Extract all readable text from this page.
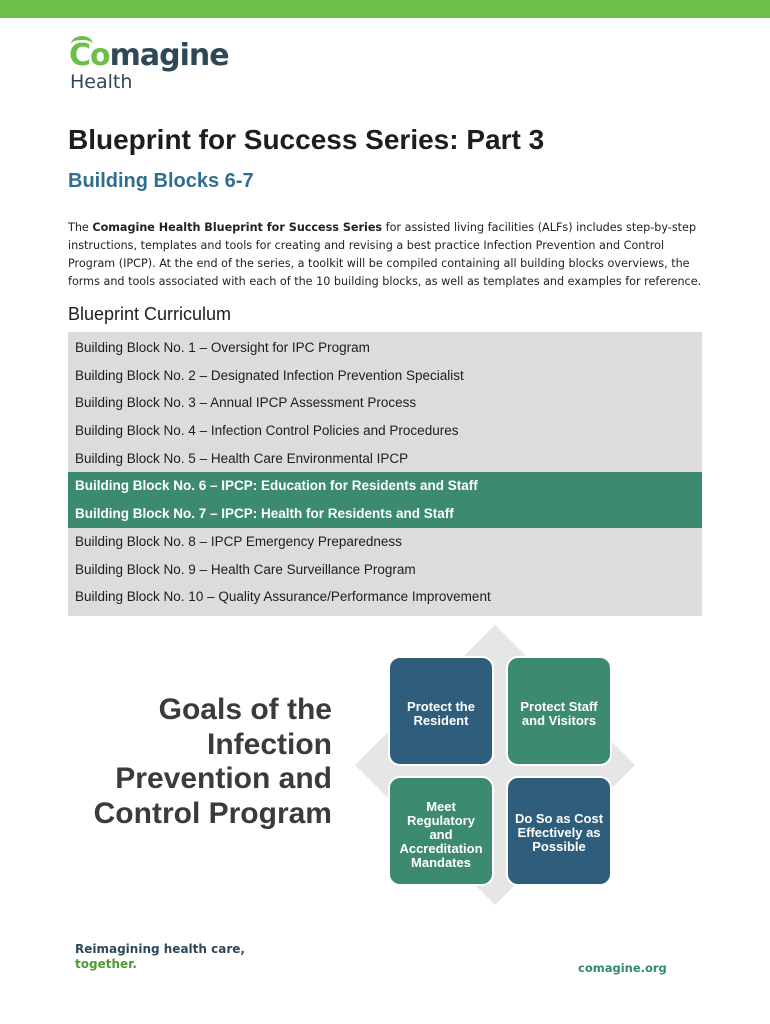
Comagine
Health
Blueprint for Success Series: Part 3
Building Blocks 6-7

The Comagine Health Blueprint for Success Series for assisted living facilities (ALFs) includes step-by-step instructions, templates and tools for creating and revising a best practice Infection Prevention and Control Program (IPCP). At the end of the series, a toolkit will be compiled containing all building blocks overviews, the forms and tools associated with each of the 10 building blocks, as well as templates and examples for reference.

Blueprint Curriculum
Building Block No. 1 – Oversight for IPC Program
Building Block No. 2 – Designated Infection Prevention Specialist
Building Block No. 3 – Annual IPCP Assessment Process
Building Block No. 4 – Infection Control Policies and Procedures
Building Block No. 5 – Health Care Environmental IPCP
Building Block No. 6 – IPCP: Education for Residents and Staff
Building Block No. 7 – IPCP: Health for Residents and Staff
Building Block No. 8 – IPCP Emergency Preparedness
Building Block No. 9 – Health Care Surveillance Program
Building Block No. 10 – Quality Assurance/Performance Improvement
Goals of the
Infection
Prevention and
Control Program
Protect the
Resident
Protect Staff
and Visitors
Meet
Regulatory
and
Accreditation
Mandates
Do So as Cost
Effectively as
Possible
Reimagining health care,
together.	comagine.org
